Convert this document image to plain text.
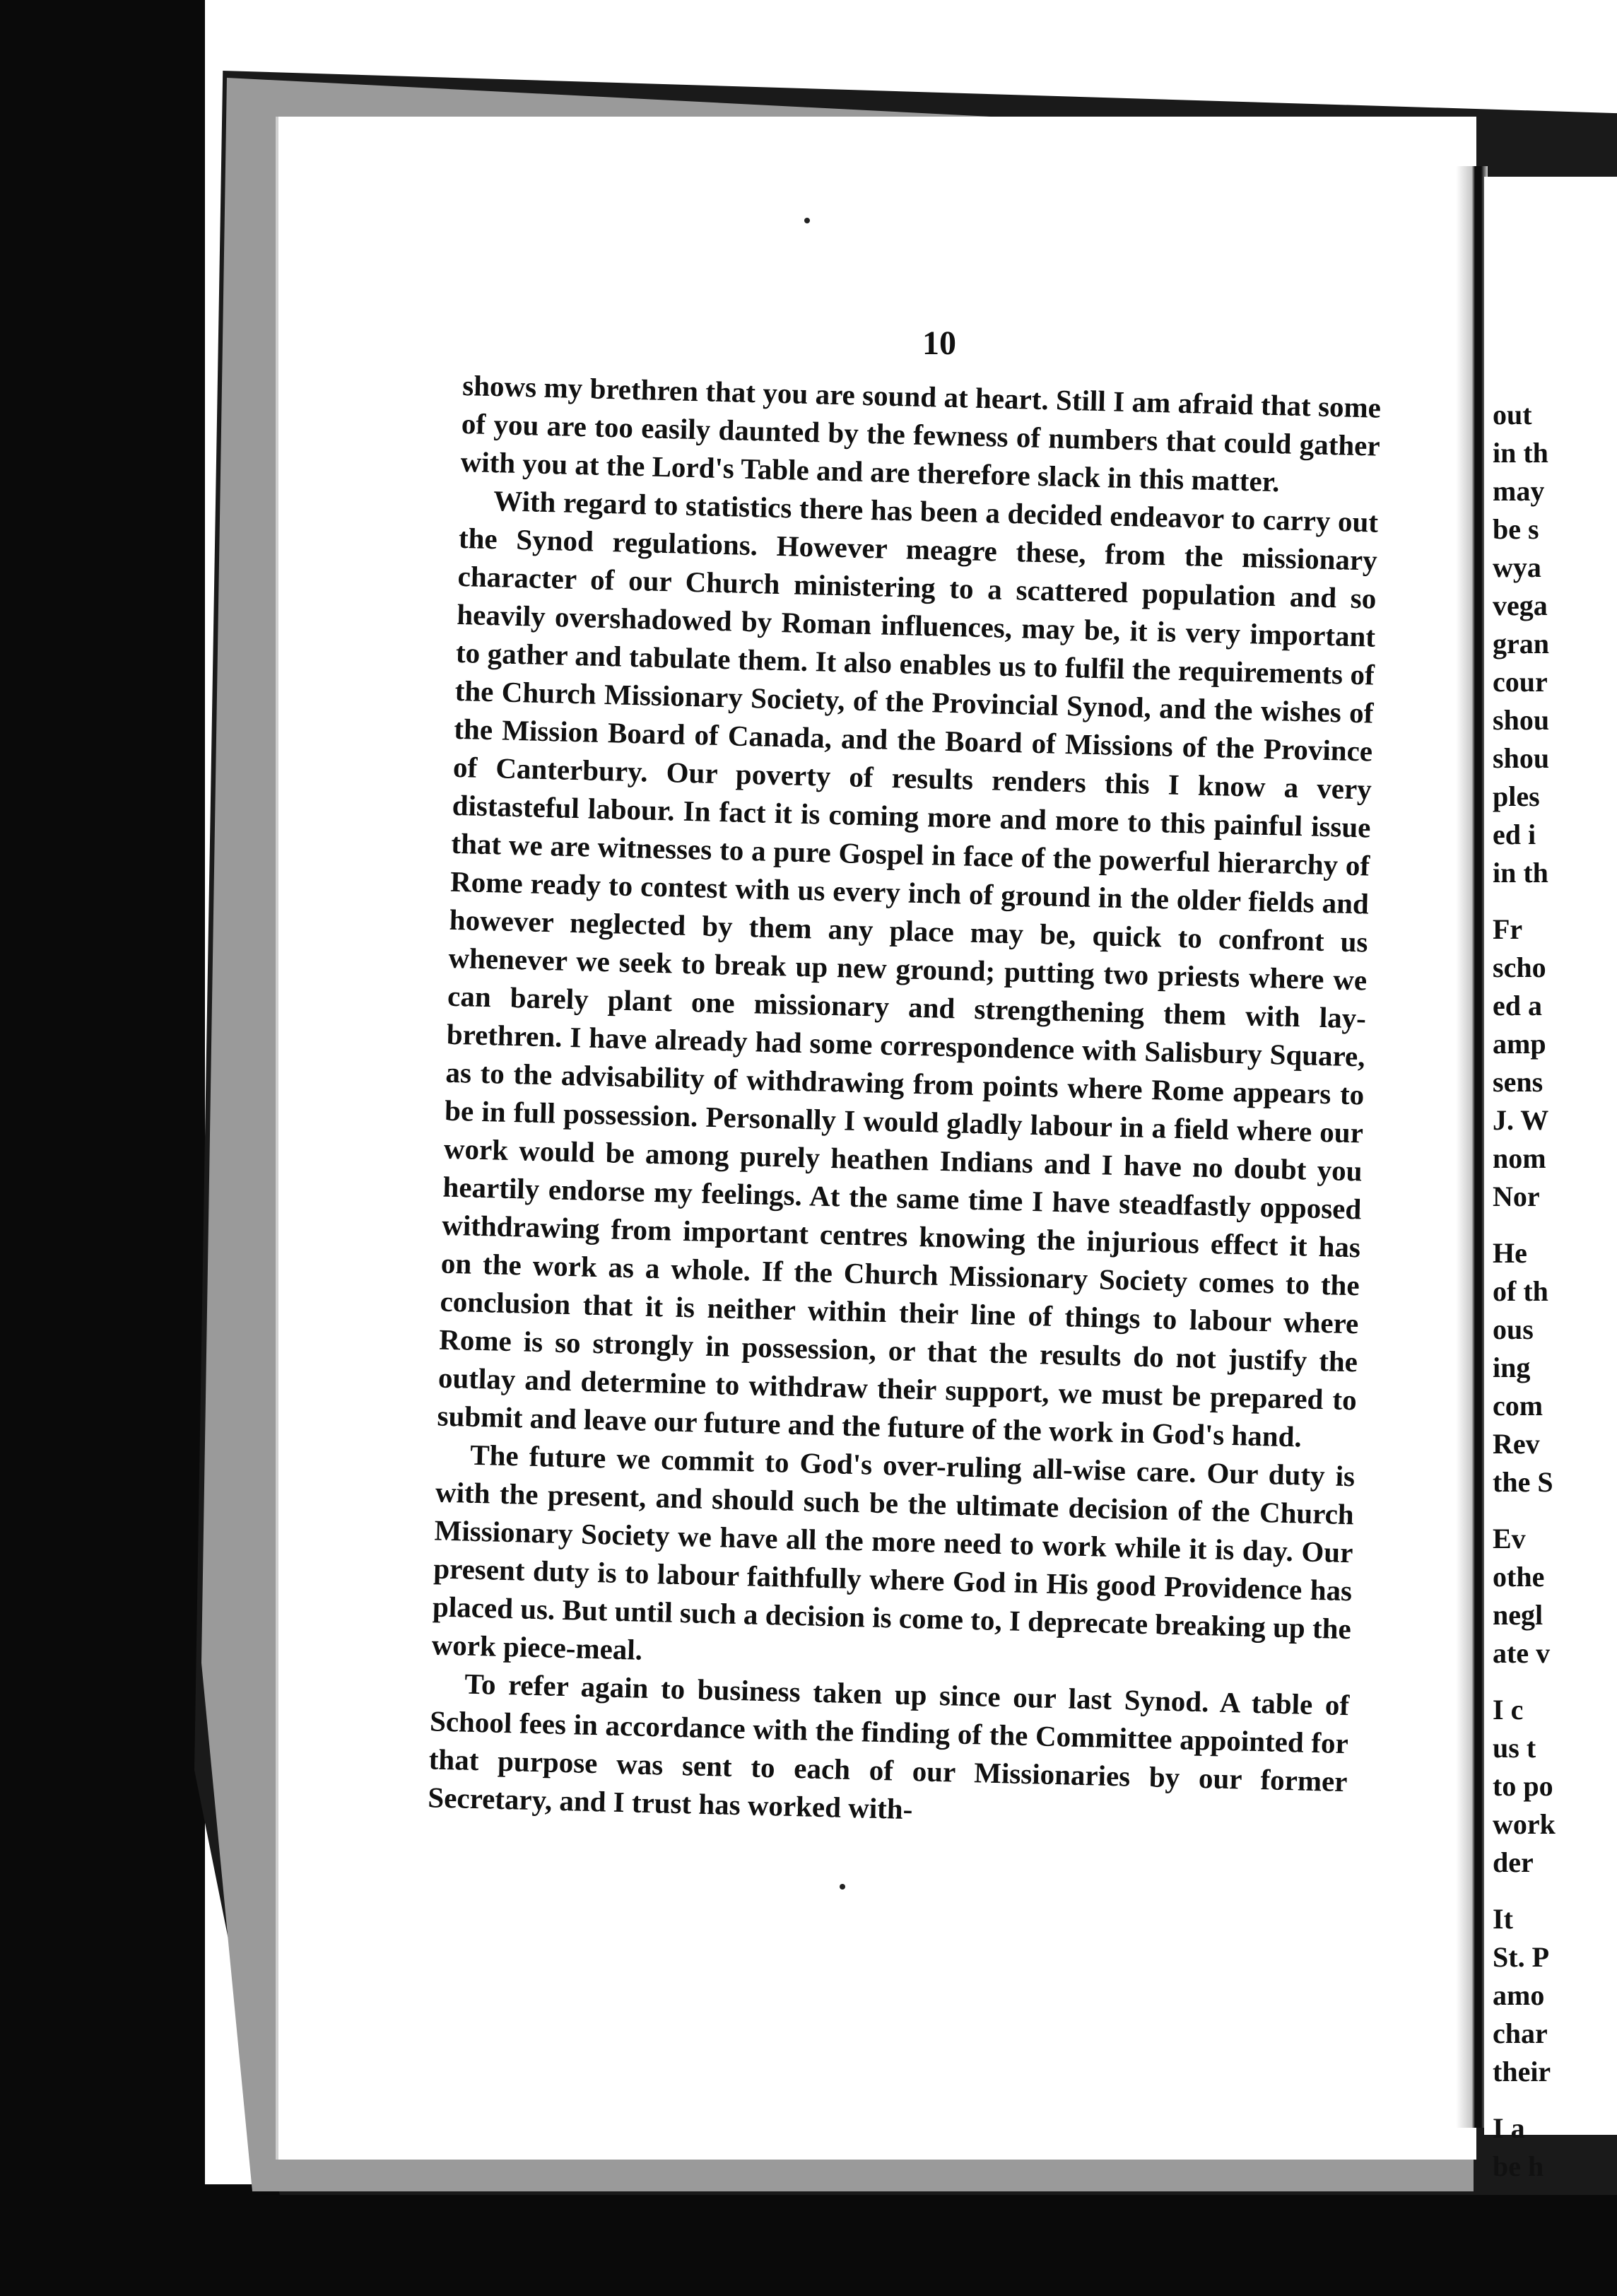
10

shows my brethren that you are sound at heart. Still I am afraid that some of you are too easily daunted by the fewness of numbers that could gather with you at the Lord's Table and are therefore slack in this matter.

With regard to statistics there has been a decided endeavor to carry out the Synod regulations. However meagre these, from the missionary character of our Church ministering to a scattered population and so heavily overshadowed by Roman influences, may be, it is very important to gather and tabulate them. It also enables us to fulfil the requirements of the Church Missionary Society, of the Provincial Synod, and the wishes of the Mission Board of Canada, and the Board of Missions of the Province of Canterbury. Our poverty of results renders this I know a very distasteful labour. In fact it is coming more and more to this painful issue that we are witnesses to a pure Gospel in face of the powerful hierarchy of Rome ready to contest with us every inch of ground in the older fields and however neglected by them any place may be, quick to confront us whenever we seek to break up new ground; putting two priests where we can barely plant one missionary and strengthening them with lay-brethren. I have already had some correspondence with Salisbury Square, as to the advisability of withdrawing from points where Rome appears to be in full possession. Personally I would gladly labour in a field where our work would be among purely heathen Indians and I have no doubt you heartily endorse my feelings. At the same time I have steadfastly opposed withdrawing from important centres knowing the injurious effect it has on the work as a whole. If the Church Missionary Society comes to the conclusion that it is neither within their line of things to labour where Rome is so strongly in possession, or that the results do not justify the outlay and determine to withdraw their support, we must be prepared to submit and leave our future and the future of the work in God's hand.

The future we commit to God's over-ruling all-wise care. Our duty is with the present, and should such be the ultimate decision of the Church Missionary Society we have all the more need to work while it is day. Our present duty is to labour faithfully where God in His good Providence has placed us. But until such a decision is come to, I deprecate breaking up the work piece-meal.

To refer again to business taken up since our last Synod. A table of School fees in accordance with the finding of the Committee appointed for that purpose was sent to each of our Missionaries by our former Secretary, and I trust has worked with-

out
in th
may
be s
wya
vega
gran
cour
shou
shou
ples
ed i
in th
Fr
scho
ed a
amp
sens
J. W
nom
Nor
He
of th
ous
ing
com
Rev
the S
Ev
othe
negl
ate v
I c
us t
to po
work
der
It
St. P
amo
char
their
I a
be h
